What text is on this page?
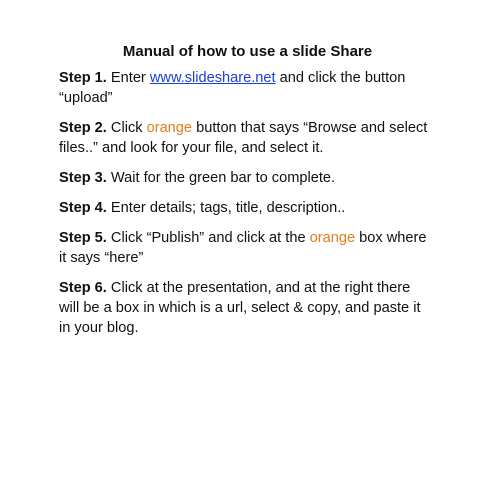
Manual of how to use a slide Share

Step 1. Enter www.slideshare.net and click the button “upload”

Step 2. Click orange button that says “Browse and select files..” and look for your file, and select it.

Step 3. Wait for the green bar to complete.

Step 4. Enter details; tags, title, description..

Step 5. Click “Publish” and click at the orange box where it says “here”

Step 6. Click at the presentation, and at the right there will be a box in which is a url, select & copy, and paste it in your blog.
